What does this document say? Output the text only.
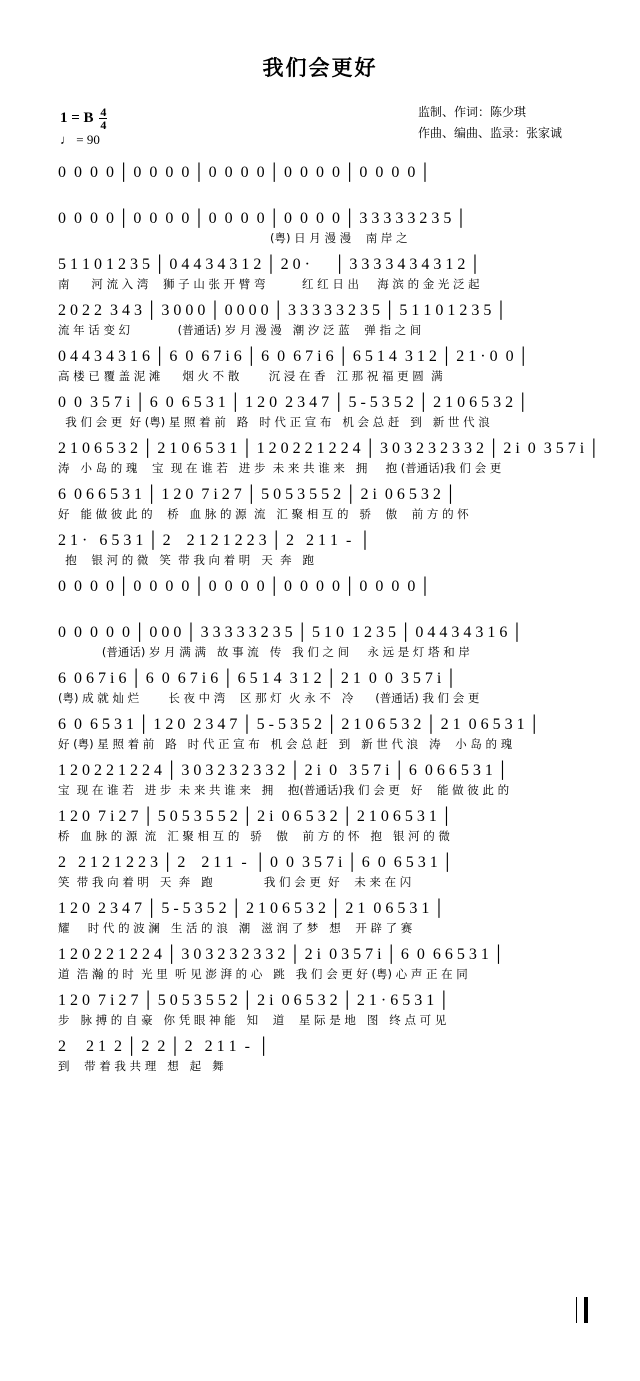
我们会更好
1 = B $\frac{4}{4}$
♩ = 90
监制、作词：陈少琪
作曲、编曲、监录：张家诚
0  0  0  0 │ 0  0  0  0 │ 0  0  0  0 │ 0  0  0  0 │ 0  0  0  0 │
0  0  0  0 │ 0  0  0  0 │ 0  0  0  0 │ 0  0  0  0 │ 3 3 3 3 3 2 3 5 │
(粤) 日 月 漫 漫    南 岸 之
5 1 1 0 1 2 3 5 │ 0 4 4 3 4 3 1 2 │ 2 0 ·      │ 3 3 3 3 4 3 4 3 1 2 │
南      河 流 入 湾    狮 子 山 张 开 臂 弯          红 红 日 出     海 滨 的 金 光 泛 起
2 0 2 2  3 4 3 │ 3 0 0 0 │ 0 0 0 0 │ 3 3 3 3 3 2 3 5 │ 5 1 1 0 1 2 3 5 │
流 年 话 变 幻             (普通话) 岁 月 漫 漫   潮 汐 泛 蓝    弹 指 之 间
0 4 4 3 4 3 1 6 │ 6  0  6 7 i 6 │ 6  0  6 7 i 6 │ 6 5 1 4  3 1 2 │ 2 1 · 0  0 │
高 楼 已 覆 盖 泥 滩      烟 火 不 散        沉 浸 在 香   江 那 祝 福 更 圆  满
0  0  3 5 7 i │ 6  0  6 5 3 1 │ 1 2 0  2 3 4 7 │ 5 - 5 3 5 2 │ 2 1 0 6 5 3 2 │
我 们 会 更  好 (粤) 星 照 着 前   路   时 代 正 宣 布   机 会 总 赶   到   新 世 代 浪
2 1 0 6 5 3 2 │ 2 1 0 6 5 3 1 │ 1 2 0 2 2 1 2 2 4 │ 3 0 3 2 3 2 3 3 2 │ 2 i  0  3 5 7 i │
涛   小 岛 的 瑰    宝  现 在 谁 若   进 步  未 来 共 谁 来   拥     抱 (普通话)我 们 会 更
6  0 6 6 5 3 1 │ 1 2 0  7 i 2 7 │ 5 0 5 3 5 5 2 │ 2 i  0 6 5 3 2 │
好   能 做 彼 此 的    桥   血 脉 的 源  流   汇 聚 相 互 的   骄    傲    前 方 的 怀
2 1 ·   6 5 3 1 │ 2    2 1 2 1 2 2 3 │ 2   2 1 1  -  │
抱    银 河 的 微   笑  带 我 向 着 明   天  奔   跑
0  0  0  0 │ 0  0  0  0 │ 0  0  0  0 │ 0  0  0  0 │ 0  0  0  0 │
0  0  0  0  0 │ 0 0 0 │ 3 3 3 3 3 2 3 5 │ 5 1 0  1 2 3 5 │ 0 4 4 3 4 3 1 6 │
(普通话) 岁 月 满 满   故 事 流   传   我 们 之 间     永 远 是 灯 塔 和 岸
6  0 6 7 i 6 │ 6  0  6 7 i 6 │ 6 5 1 4  3 1 2 │ 2 1  0  0  3 5 7 i │
(粤) 成 就 灿 烂        长 夜 中 湾    区 那 灯  火 永 不   冷      (普通话) 我 们 会 更
6  0  6 5 3 1 │ 1 2 0  2 3 4 7 │ 5 - 5 3 5 2 │ 2 1 0 6 5 3 2 │ 2 1  0 6 5 3 1 │
好 (粤) 星 照 着 前   路   时 代 正 宣 布   机 会 总 赶   到   新 世 代 浪   涛    小 岛 的 瑰
1 2 0 2 2 1 2 2 4 │ 3 0 3 2 3 2 3 3 2 │ 2 i  0   3 5 7 i │ 6  0 6 6 5 3 1 │
宝  现 在 谁 若   进 步  未 来 共 谁 来   拥    抱(普通话)我 们 会 更   好    能 做 彼 此 的
1 2 0  7 i 2 7 │ 5 0 5 3 5 5 2 │ 2 i  0 6 5 3 2 │ 2 1 0 6 5 3 1 │
桥   血 脉 的 源  流   汇 聚 相 互 的   骄    傲    前 方 的 怀   抱   银 河 的 微
2   2 1 2 1 2 2 3 │ 2    2 1 1  -  │ 0  0  3 5 7 i │ 6  0  6 5 3 1 │
笑  带 我 向 着 明   天  奔   跑              我 们 会 更  好    未 来 在 闪
1 2 0  2 3 4 7 │ 5 - 5 3 5 2 │ 2 1 0 6 5 3 2 │ 2 1  0 6 5 3 1 │
耀     时 代 的 波 澜   生 活 的 浪   潮   滋 润 了 梦   想    开 辟 了 赛
1 2 0 2 2 1 2 2 4 │ 3 0 3 2 3 2 3 3 2 │ 2 i  0 3 5 7 i │ 6  0  6 6 5 3 1 │
道  浩 瀚 的 时  光 里  听 见 澎 湃 的 心   跳   我 们 会 更 好 (粤) 心 声 正 在 同
1 2 0  7 i 2 7 │ 5 0 5 3 5 5 2 │ 2 i  0 6 5 3 2 │ 2 1 · 6 5 3 1 │
步   脉 搏 的 自 豪   你 凭 眼 神 能   知    道    星 际 是 地   图   终 点 可 见
2     2 1  2 │ 2  2 │ 2   2 1 1  -  │
到    带 着 我 共 理   想   起   舞
